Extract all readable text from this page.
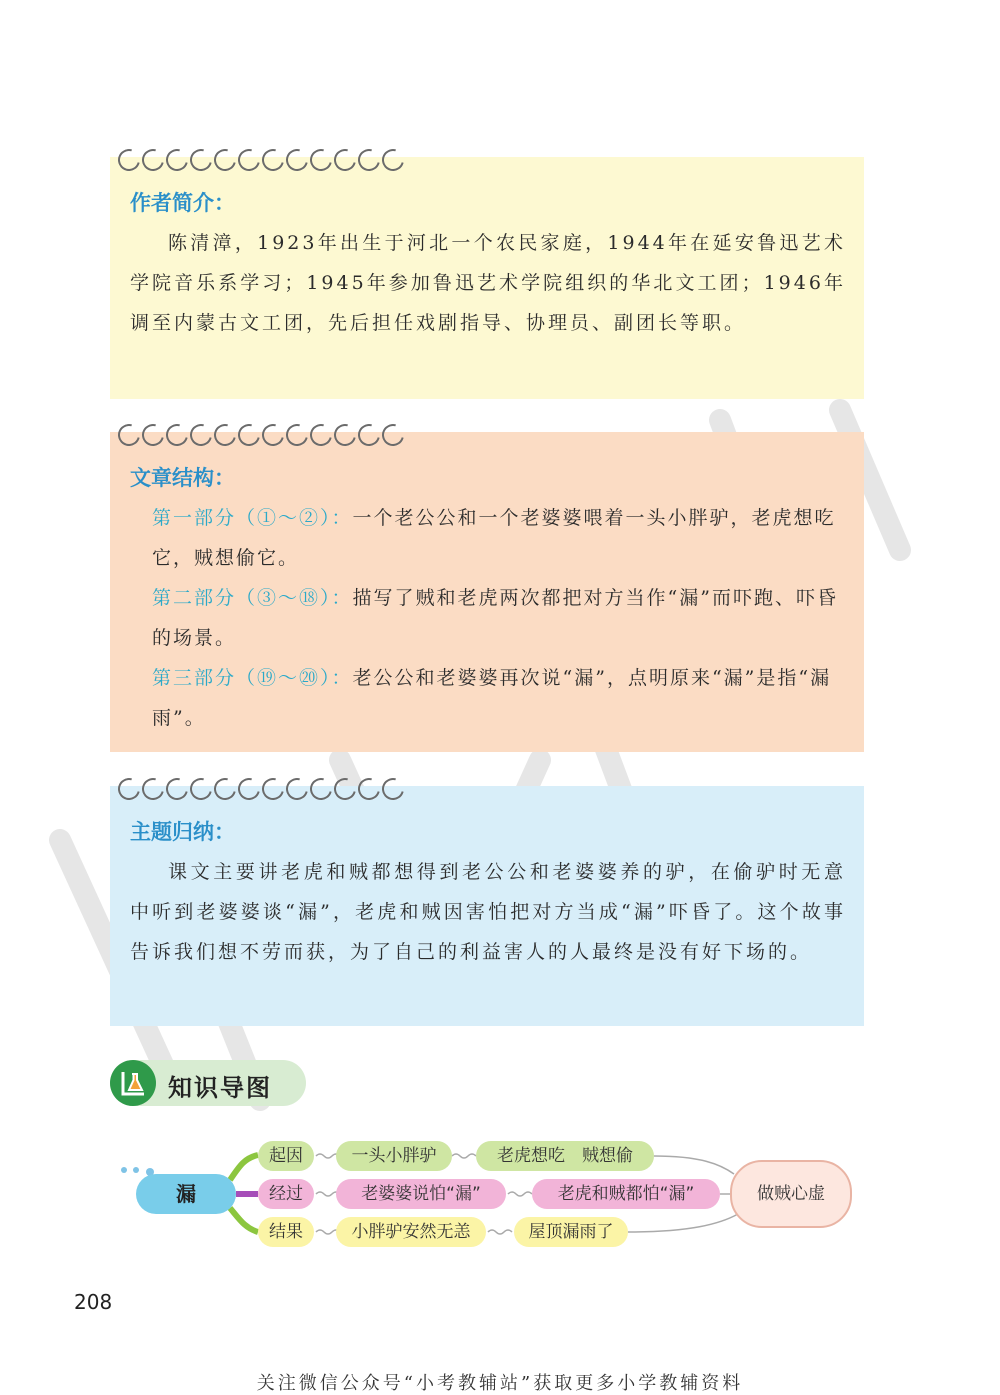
作者简介：

陈清漳，1923年出生于河北一个农民家庭，1944年在延安鲁迅艺术学院音乐系学习；1945年参加鲁迅艺术学院组织的华北文工团；1946年调至内蒙古文工团，先后担任戏剧指导、协理员、副团长等职。

文章结构：

第一部分（①～②）：一个老公公和一个老婆婆喂着一头小胖驴，老虎想吃它，贼想偷它。

第二部分（③～⑱）：描写了贼和老虎两次都把对方当作“漏”而吓跑、吓昏的场景。

第三部分（⑲～⑳）：老公公和老婆婆再次说“漏”，点明原来“漏”是指“漏雨”。

主题归纳：

课文主要讲老虎和贼都想得到老公公和老婆婆养的驴，在偷驴时无意中听到老婆婆谈“漏”，老虎和贼因害怕把对方当成“漏”吓昏了。这个故事告诉我们想不劳而获，为了自己的利益害人的人最终是没有好下场的。

知识导图
漏
起因	一头小胖驴	老虎想吃　贼想偷
经过	老婆婆说怕“漏”	老虎和贼都怕“漏”
结果	小胖驴安然无恙	屋顶漏雨了
做贼心虚
208
关注微信公众号“小考教辅站”获取更多小学教辅资料
